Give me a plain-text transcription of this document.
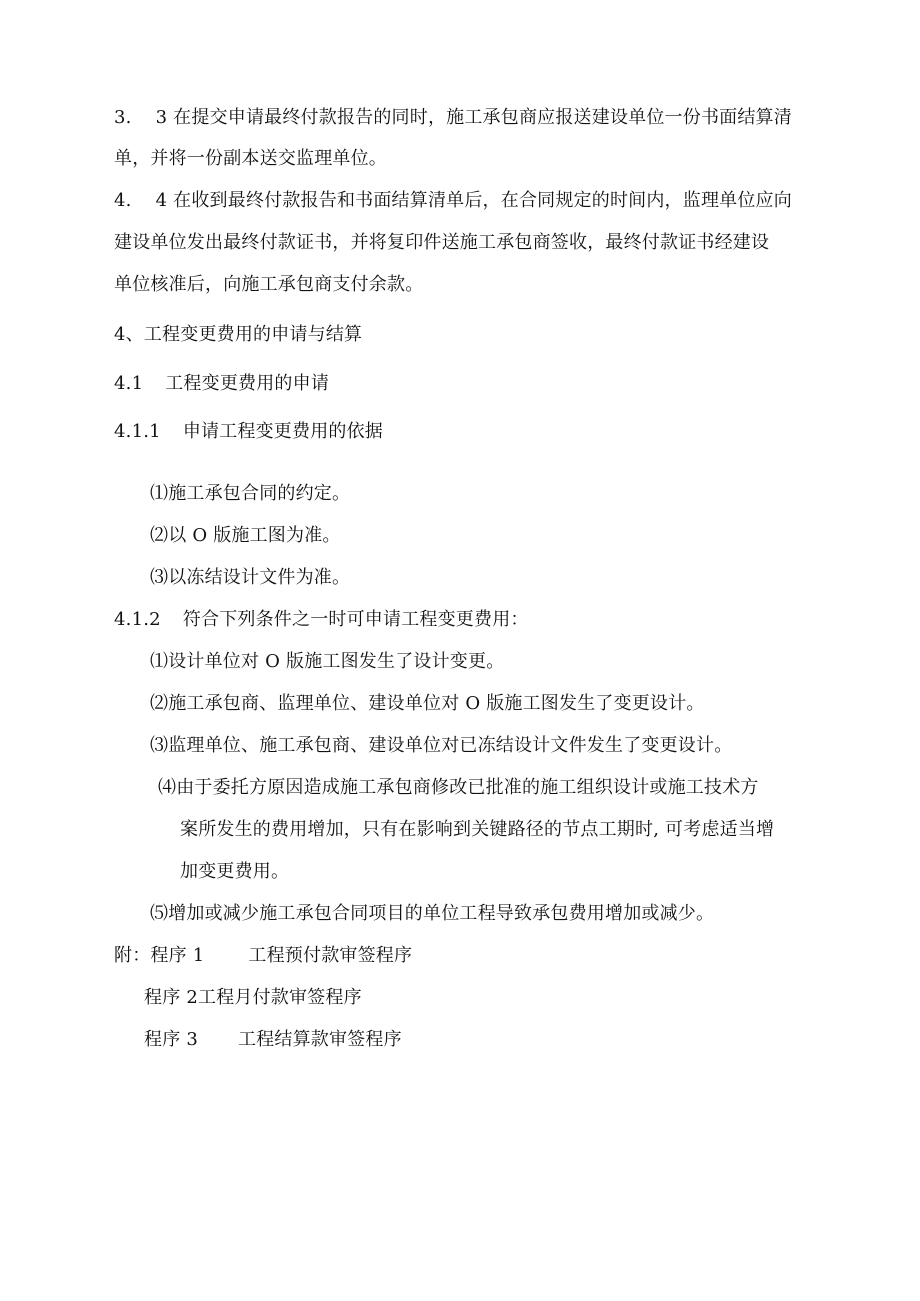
3. 3 在提交申请最终付款报告的同时，施工承包商应报送建设单位一份书面结算清
单，并将一份副本送交监理单位。
4. 4 在收到最终付款报告和书面结算清单后，在合同规定的时间内，监理单位应向
建设单位发出最终付款证书，并将复印件送施工承包商签收，最终付款证书经建设
单位核准后，向施工承包商支付余款。
4、工程变更费用的申请与结算
4.1 工程变更费用的申请
4.1.1 申请工程变更费用的依据
⑴施工承包合同的约定。
⑵以 O 版施工图为准。
⑶以冻结设计文件为准。
4.1.2 符合下列条件之一时可申请工程变更费用：
⑴设计单位对 O 版施工图发生了设计变更。
⑵施工承包商、监理单位、建设单位对 O 版施工图发生了变更设计。
⑶监理单位、施工承包商、建设单位对已冻结设计文件发生了变更设计。
⑷由于委托方原因造成施工承包商修改已批准的施工组织设计或施工技术方
案所发生的费用增加，只有在影响到关键路径的节点工期时, 可考虑适当增
加变更费用。
⑸增加或减少施工承包合同项目的单位工程导致承包费用增加或减少。
附：程序 1 工程预付款审签程序
程序 2工程月付款审签程序
程序 3 工程结算款审签程序
